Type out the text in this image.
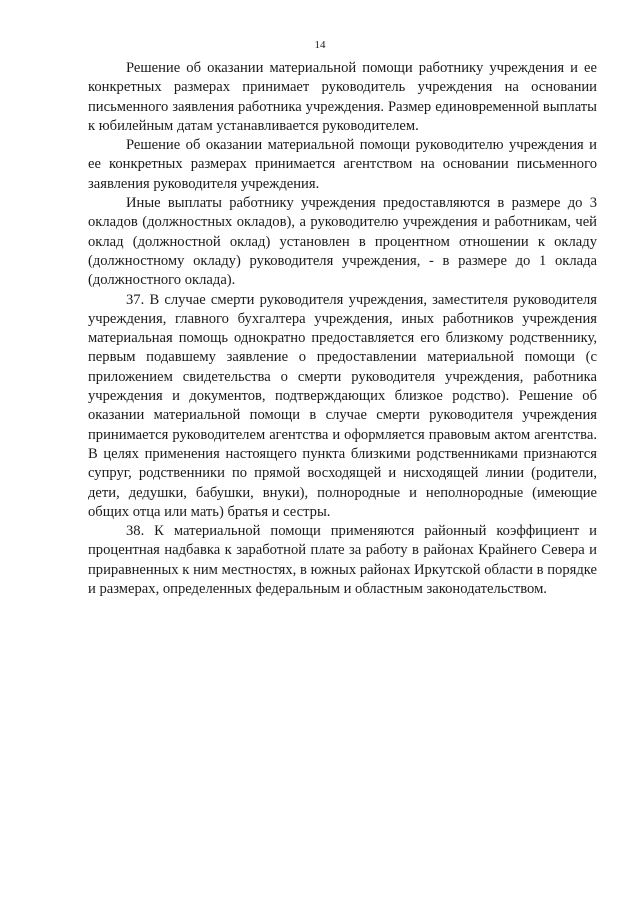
14

Решение об оказании материальной помощи работнику учреждения и ее конкретных размерах принимает руководитель учреждения на основании письменного заявления работника учреждения. Размер единовременной выплаты к юбилейным датам устанавливается руководителем.

Решение об оказании материальной помощи руководителю учреждения и ее конкретных размерах принимается агентством на основании письменного заявления руководителя учреждения.

Иные выплаты работнику учреждения предоставляются в размере до 3 окладов (должностных окладов), а руководителю учреждения и работникам, чей оклад (должностной оклад) установлен в процентном отношении к окладу (должностному окладу) руководителя учреждения, - в размере до 1 оклада (должностного оклада).

37. В случае смерти руководителя учреждения, заместителя руководителя учреждения, главного бухгалтера учреждения, иных работников учреждения материальная помощь однократно предоставляется его близкому родственнику, первым подавшему заявление о предоставлении материальной помощи (с приложением свидетельства о смерти руководителя учреждения, работника учреждения и документов, подтверждающих близкое родство). Решение об оказании материальной помощи в случае смерти руководителя учреждения принимается руководителем агентства и оформляется правовым актом агентства. В целях применения настоящего пункта близкими родственниками признаются супруг, родственники по прямой восходящей и нисходящей линии (родители, дети, дедушки, бабушки, внуки), полнородные и неполнородные (имеющие общих отца или мать) братья и сестры.

38. К материальной помощи применяются районный коэффициент и процентная надбавка к заработной плате за работу в районах Крайнего Севера и приравненных к ним местностях, в южных районах Иркутской области в порядке и размерах, определенных федеральным и областным законодательством.
